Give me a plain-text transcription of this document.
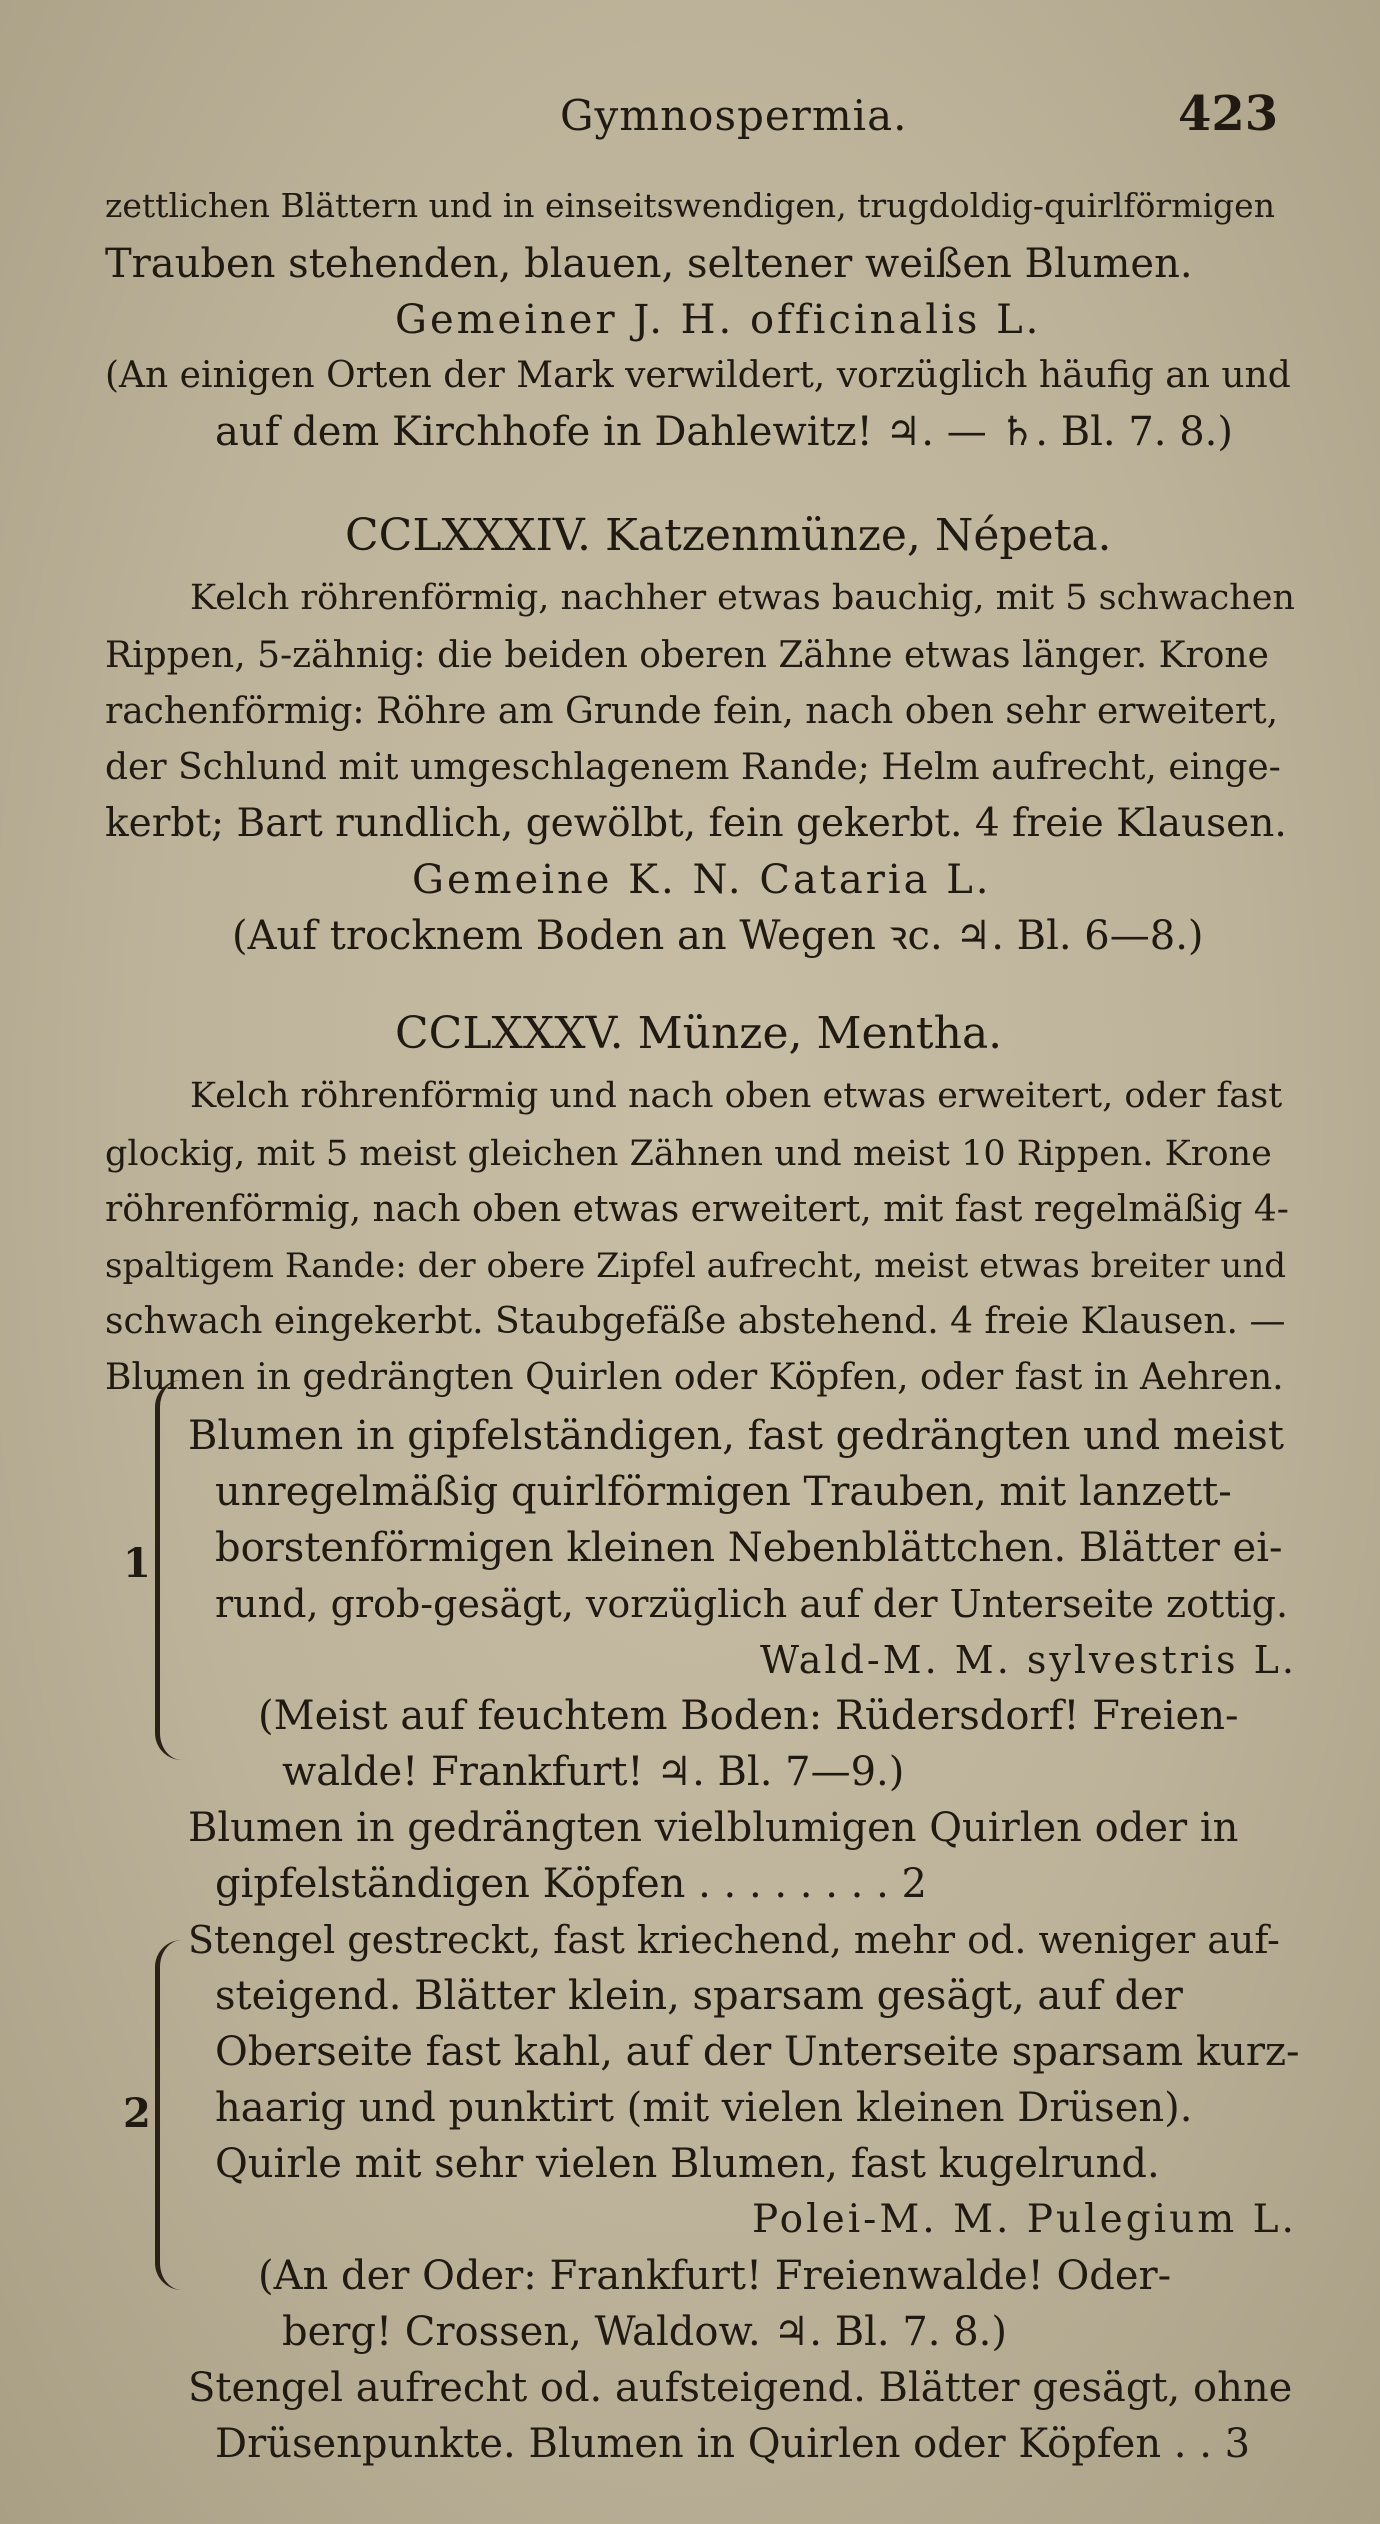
Gymnospermia.	423
zettlichen Blättern und in einseitswendigen, trugdoldig-quirlförmigen
Trauben stehenden, blauen, seltener weißen Blumen.
Gemeiner J. H. officinalis L.
(An einigen Orten der Mark verwildert, vorzüglich häufig an und
auf dem Kirchhofe in Dahlewitz! ♃. — ♄. Bl. 7. 8.)
CCLXXXIV. Katzenmünze, Népeta.
Kelch röhrenförmig, nachher etwas bauchig, mit 5 schwachen
Rippen, 5-zähnig: die beiden oberen Zähne etwas länger. Krone
rachenförmig: Röhre am Grunde fein, nach oben sehr erweitert,
der Schlund mit umgeschlagenem Rande; Helm aufrecht, einge-
kerbt; Bart rundlich, gewölbt, fein gekerbt. 4 freie Klausen.
Gemeine K. N. Cataria L.
(Auf trocknem Boden an Wegen ꝛc. ♃. Bl. 6—8.)
CCLXXXV. Münze, Mentha.
Kelch röhrenförmig und nach oben etwas erweitert, oder fast
glockig, mit 5 meist gleichen Zähnen und meist 10 Rippen. Krone
röhrenförmig, nach oben etwas erweitert, mit fast regelmäßig 4-
spaltigem Rande: der obere Zipfel aufrecht, meist etwas breiter und
schwach eingekerbt. Staubgefäße abstehend. 4 freie Klausen. —
Blumen in gedrängten Quirlen oder Köpfen, oder fast in Aehren.
1
Blumen in gipfelständigen, fast gedrängten und meist
unregelmäßig quirlförmigen Trauben, mit lanzett-
borstenförmigen kleinen Nebenblättchen. Blätter ei-
rund, grob-gesägt, vorzüglich auf der Unterseite zottig.
Wald-M. M. sylvestris L.
(Meist auf feuchtem Boden: Rüdersdorf! Freien-
walde! Frankfurt! ♃. Bl. 7—9.)
Blumen in gedrängten vielblumigen Quirlen oder in
gipfelständigen Köpfen . . . . . . . . 2
2
Stengel gestreckt, fast kriechend, mehr od. weniger auf-
steigend. Blätter klein, sparsam gesägt, auf der
Oberseite fast kahl, auf der Unterseite sparsam kurz-
haarig und punktirt (mit vielen kleinen Drüsen).
Quirle mit sehr vielen Blumen, fast kugelrund.
Polei-M. M. Pulegium L.
(An der Oder: Frankfurt! Freienwalde! Oder-
berg! Crossen, Waldow. ♃. Bl. 7. 8.)
Stengel aufrecht od. aufsteigend. Blätter gesägt, ohne
Drüsenpunkte. Blumen in Quirlen oder Köpfen . . 3
